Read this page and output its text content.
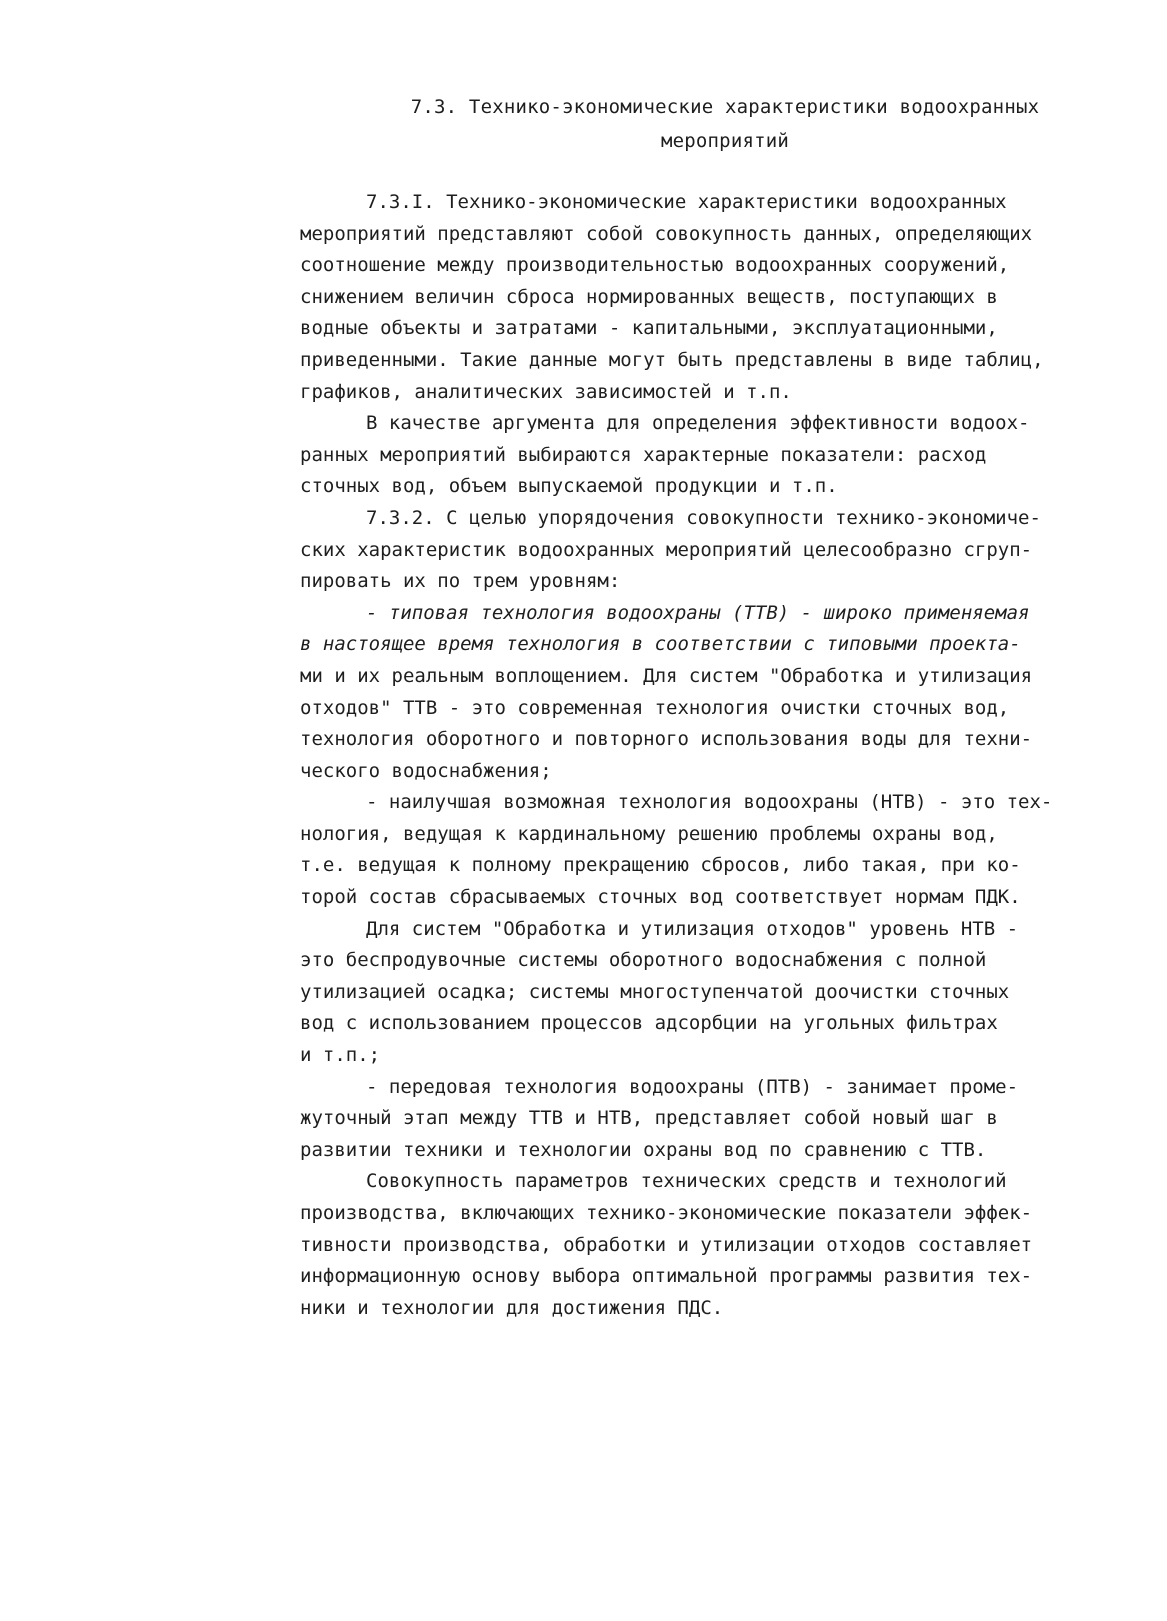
7.3. Технико-экономические характеристики водоохранных
мероприятий
7.3.I. Технико-экономические характеристики водоохранных
мероприятий представляют собой совокупность данных, определяющих
соотношение между производительностью водоохранных сооружений,
снижением величин сброса нормированных веществ, поступающих в
водные объекты и затратами - капитальными, эксплуатационными,
приведенными. Такие данные могут быть представлены в виде таблиц,
графиков, аналитических зависимостей и т.п.
В качестве аргумента для определения эффективности водоох-
ранных мероприятий выбираются характерные показатели: расход
сточных вод, объем выпускаемой продукции и т.п.
7.3.2. С целью упорядочения совокупности технико-экономиче-
ских характеристик водоохранных мероприятий целесообразно сгруп-
пировать их по трем уровням:
- типовая технология водоохраны (ТТВ) - широко применяемая
в настоящее время технология в соответствии с типовыми проекта-
ми и их реальным воплощением. Для систем "Обработка и утилизация
отходов" ТТВ - это современная технология очистки сточных вод,
технология оборотного и повторного использования воды для техни-
ческого водоснабжения;
- наилучшая возможная технология водоохраны (НТВ) - это тех-
нология, ведущая к кардинальному решению проблемы охраны вод,
т.е. ведущая к полному прекращению сбросов, либо такая, при ко-
торой состав сбрасываемых сточных вод соответствует нормам ПДК.
Для систем "Обработка и утилизация отходов" уровень НТВ -
это беспродувочные системы оборотного водоснабжения с полной
утилизацией осадка; системы многоступенчатой доочистки сточных
вод с использованием процессов адсорбции на угольных фильтрах
и т.п.;
- передовая технология водоохраны (ПТВ) - занимает проме-
жуточный этап между ТТВ и НТВ, представляет собой новый шаг в
развитии техники и технологии охраны вод по сравнению с ТТВ.
Совокупность параметров технических средств и технологий
производства, включающих технико-экономические показатели эффек-
тивности производства, обработки и утилизации отходов составляет
информационную основу выбора оптимальной программы развития тех-
ники и технологии для достижения ПДС.
